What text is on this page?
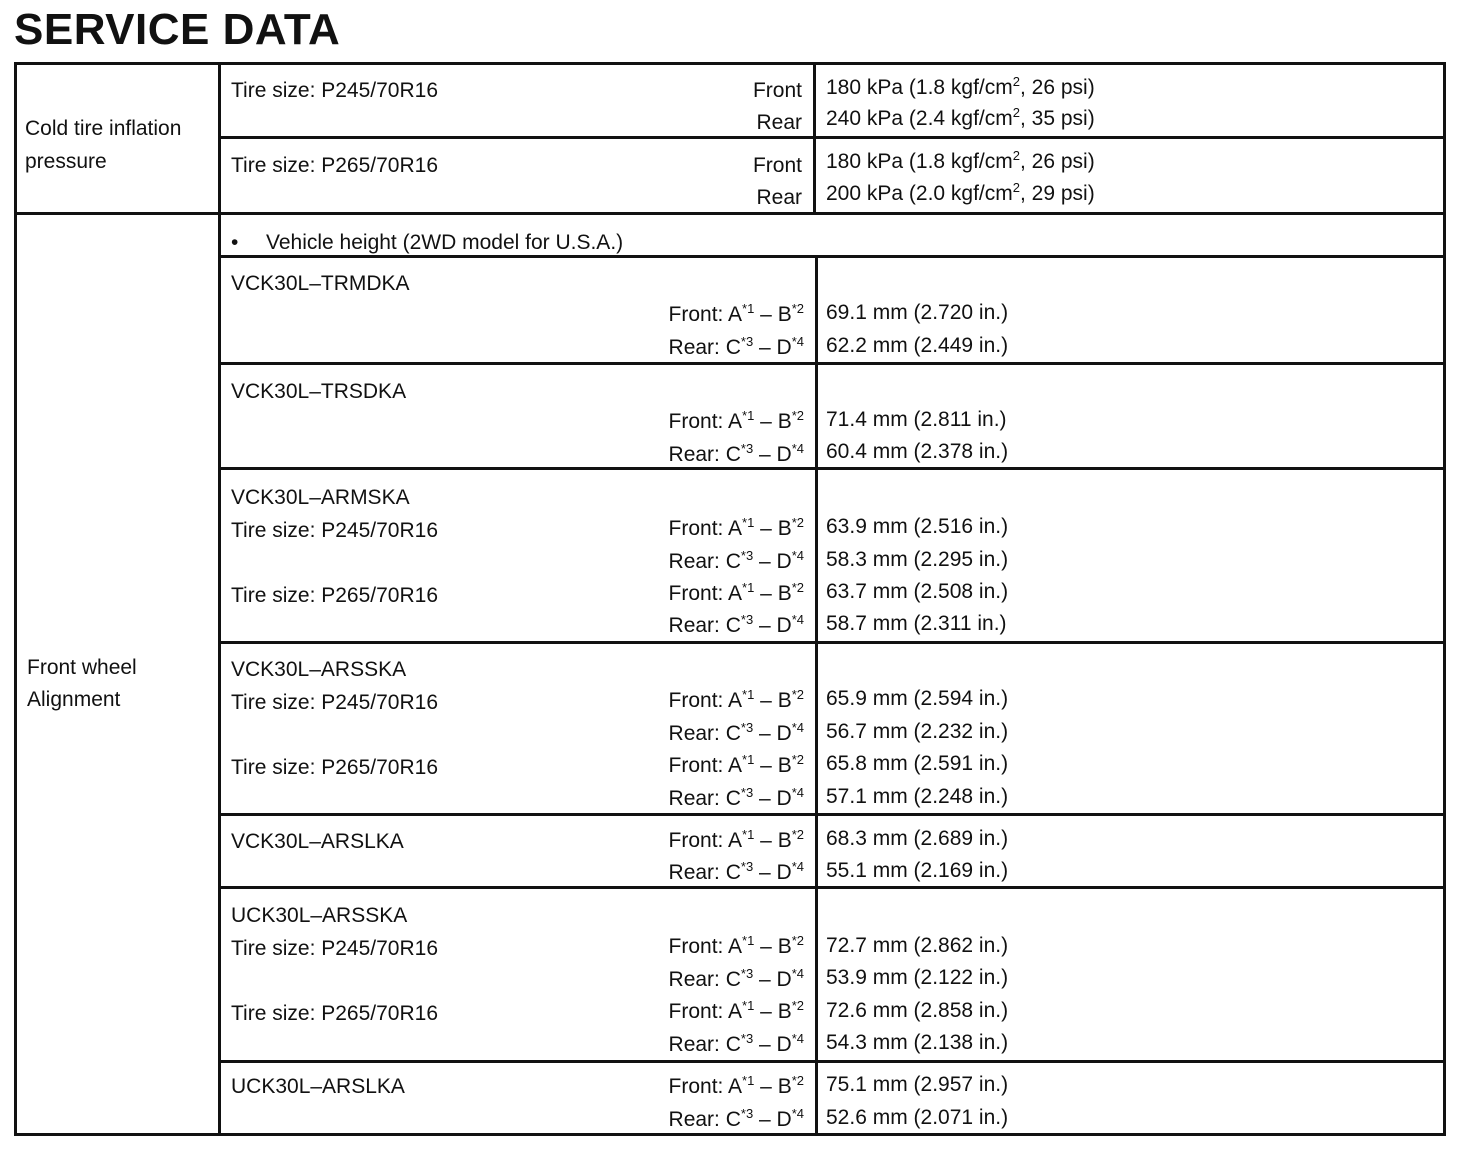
SERVICE DATA
Cold tire inflation
pressure
Tire size: P245/70R16	Front 180 kPa (1.8 kgf/$cm^2$, 26 psi)
Rear 240 kPa (2.4 kgf/$cm^2$, 35 psi)
Tire size: P265/70R16	Front 180 kPa (1.8 kgf/$cm^2$, 26 psi)
Rear 200 kPa (2.0 kgf/$cm^2$, 29 psi)
Front wheel
Alignment
• Vehicle height (2WD model for U.S.A.)
VCK30L–TRMDKA
Front: $A^{*1} - B^{*2}$ 69.1 mm (2.720 in.)
Rear: $C^{*3} - D^{*4}$ 62.2 mm (2.449 in.)
VCK30L–TRSDKA
Front: $A^{*1} - B^{*2}$ 71.4 mm (2.811 in.)
Rear: $C^{*3} - D^{*4}$ 60.4 mm (2.378 in.)
VCK30L–ARMSKA
Tire size: P245/70R16	Front: $A^{*1} - B^{*2}$ 63.9 mm (2.516 in.)
Rear: $C^{*3} - D^{*4}$ 58.3 mm (2.295 in.)
Tire size: P265/70R16	Front: $A^{*1} - B^{*2}$ 63.7 mm (2.508 in.)
Rear: $C^{*3} - D^{*4}$ 58.7 mm (2.311 in.)
VCK30L–ARSSKA
Tire size: P245/70R16	Front: $A^{*1} - B^{*2}$ 65.9 mm (2.594 in.)
Rear: $C^{*3} - D^{*4}$ 56.7 mm (2.232 in.)
Tire size: P265/70R16	Front: $A^{*1} - B^{*2}$ 65.8 mm (2.591 in.)
Rear: $C^{*3} - D^{*4}$ 57.1 mm (2.248 in.)
VCK30L–ARSLKA	Front: $A^{*1} - B^{*2}$ 68.3 mm (2.689 in.)
Rear: $C^{*3} - D^{*4}$ 55.1 mm (2.169 in.)
UCK30L–ARSSKA
Tire size: P245/70R16	Front: $A^{*1} - B^{*2}$ 72.7 mm (2.862 in.)
Rear: $C^{*3} - D^{*4}$ 53.9 mm (2.122 in.)
Tire size: P265/70R16	Front: $A^{*1} - B^{*2}$ 72.6 mm (2.858 in.)
Rear: $C^{*3} - D^{*4}$ 54.3 mm (2.138 in.)
UCK30L–ARSLKA	Front: $A^{*1} - B^{*2}$ 75.1 mm (2.957 in.)
Rear: $C^{*3} - D^{*4}$ 52.6 mm (2.071 in.)
